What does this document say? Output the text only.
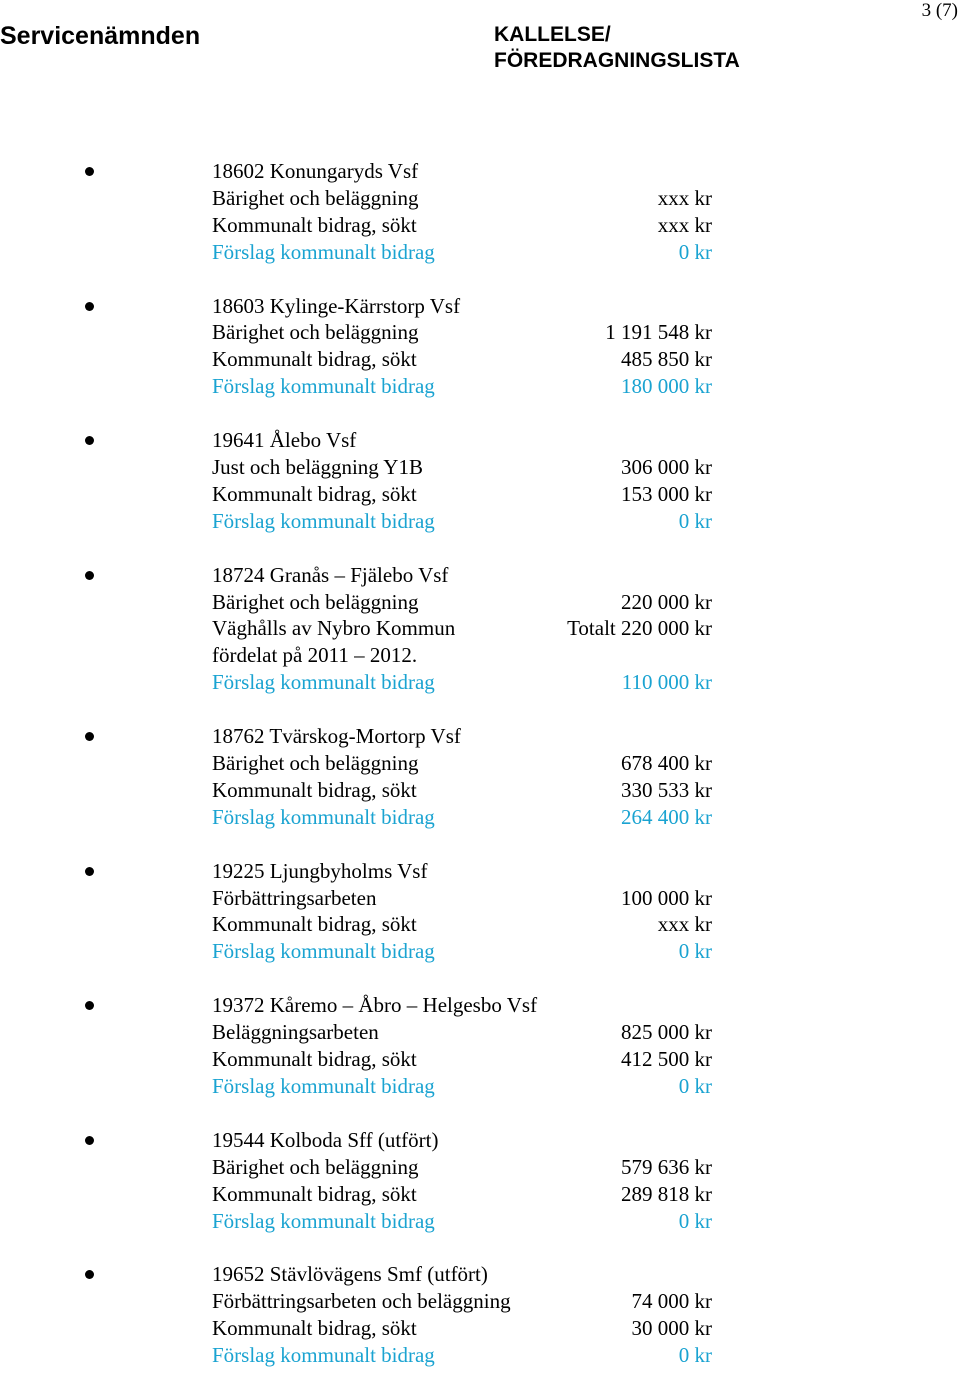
Servicenämnden	KALLELSE/
FÖREDRAGNINGSLISTA
3 (7)
18602 Konungaryds Vsf
Bärighet och beläggning	xxx kr
Kommunalt bidrag, sökt	xxx kr
Förslag kommunalt bidrag	0 kr
18603 Kylinge-Kärrstorp Vsf
Bärighet och beläggning	1 191 548 kr
Kommunalt bidrag, sökt	485 850 kr
Förslag kommunalt bidrag	180 000 kr
19641 Ålebo Vsf
Just och beläggning Y1B	306 000 kr
Kommunalt bidrag, sökt	153 000 kr
Förslag kommunalt bidrag	0 kr
18724 Granås – Fjälebo Vsf
Bärighet och beläggning	220 000 kr
Väghålls av Nybro Kommun	Totalt 220 000 kr
fördelat på 2011 – 2012.
Förslag kommunalt bidrag	110 000 kr
18762 Tvärskog-Mortorp Vsf
Bärighet och beläggning	678 400 kr
Kommunalt bidrag, sökt	330 533 kr
Förslag kommunalt bidrag	264 400 kr
19225 Ljungbyholms Vsf
Förbättringsarbeten	100 000 kr
Kommunalt bidrag, sökt	xxx kr
Förslag kommunalt bidrag	0 kr
19372 Kåremo – Åbro – Helgesbo Vsf
Beläggningsarbeten	825 000 kr
Kommunalt bidrag, sökt	412 500 kr
Förslag kommunalt bidrag	0 kr
19544 Kolboda Sff (utfört)
Bärighet och beläggning	579 636 kr
Kommunalt bidrag, sökt	289 818 kr
Förslag kommunalt bidrag	0 kr
19652 Stävlövägens Smf (utfört)
Förbättringsarbeten och beläggning	74 000 kr
Kommunalt bidrag, sökt	30 000 kr
Förslag kommunalt bidrag	0 kr
